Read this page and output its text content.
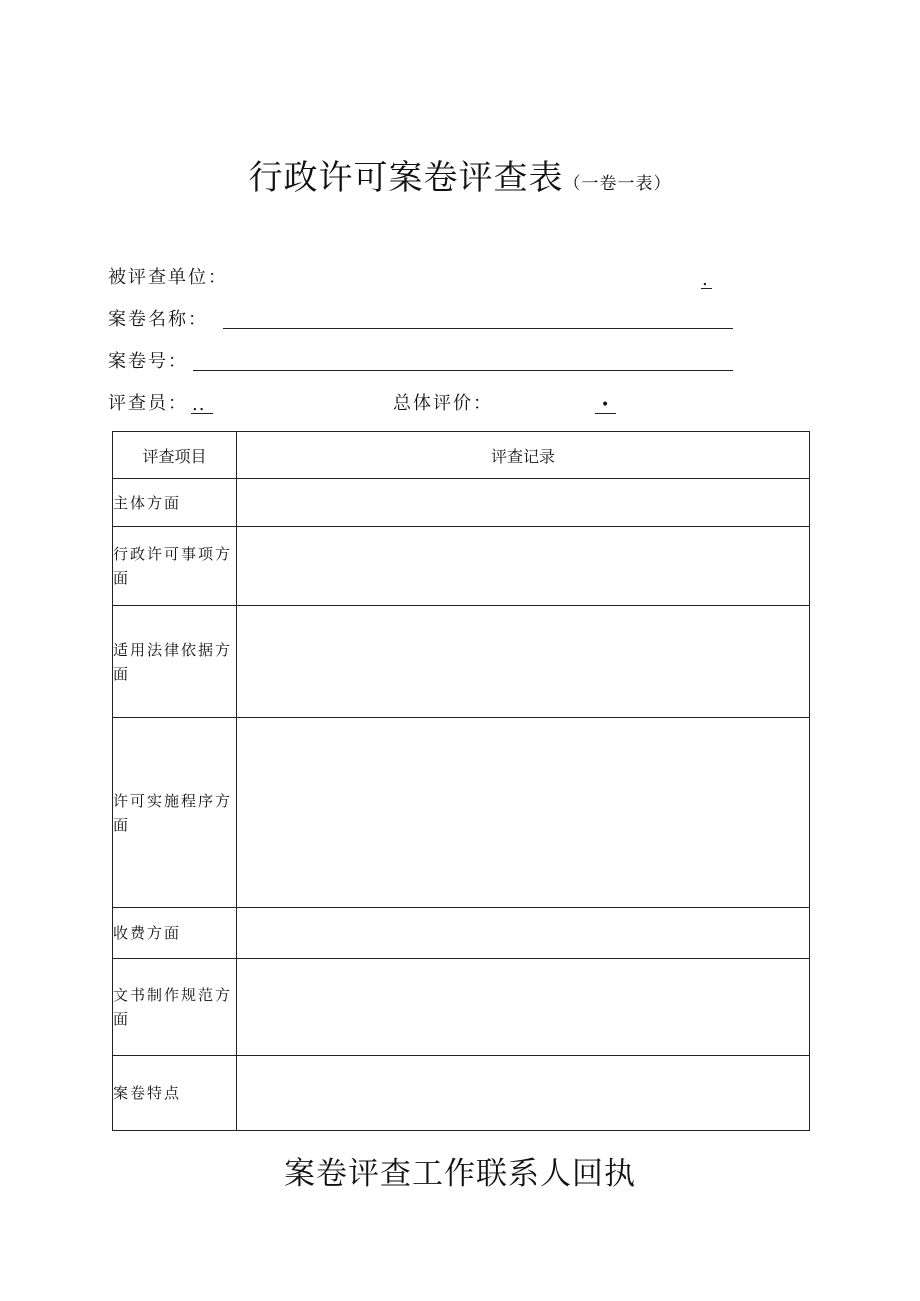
行政许可案卷评查表（一卷一表）
被评查单位：	.
案卷名称：
案卷号：
评查员： ..	总体评价：	•
评查项目	评查记录
主体方面	
行政许可事项方面	
适用法律依据方面	
许可实施程序方面	
收费方面	
文书制作规范方面	
案卷特点	
案卷评查工作联系人回执
